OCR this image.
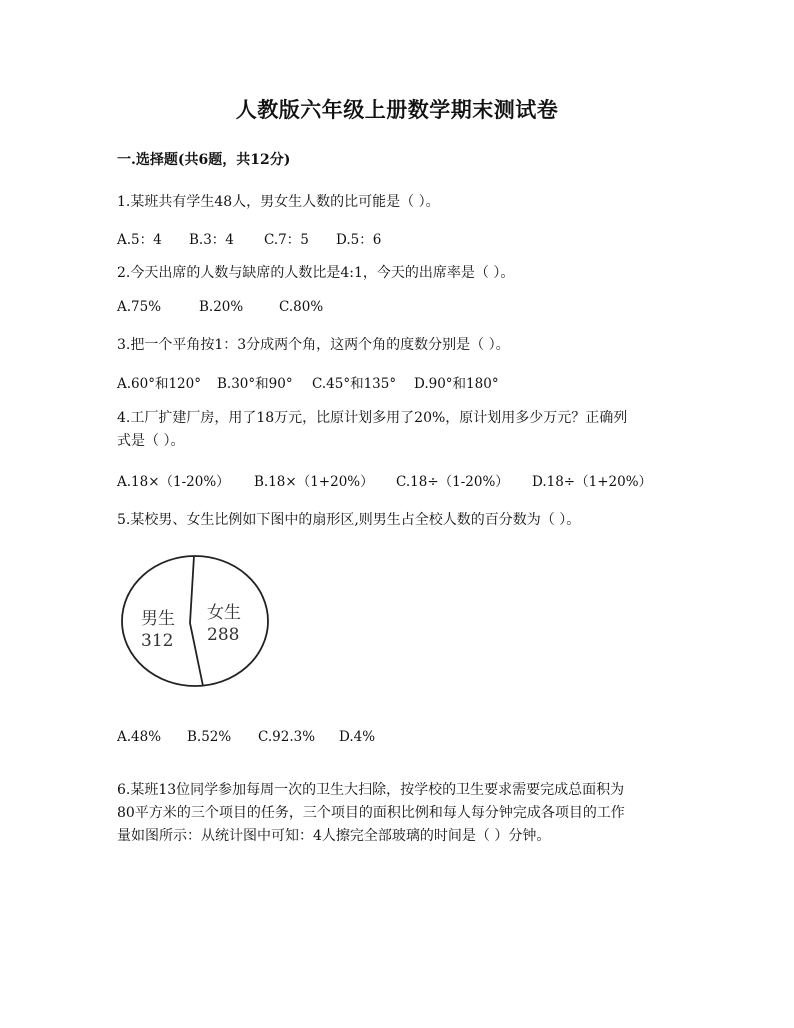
人教版六年级上册数学期末测试卷
一.选择题(共6题，共12分)
1.某班共有学生48人，男女生人数的比可能是（ ）。
A.5：4 B.3：4 C.7：5 D.5：6
2.今天出席的人数与缺席的人数比是4:1，今天的出席率是（ ）。
A.75%	B.20%	C.80%
3.把一个平角按1：3分成两个角，这两个角的度数分别是（ ）。
A.60°和120° B.30°和90° C.45°和135° D.90°和180°
4.工厂扩建厂房，用了18万元，比原计划多用了20%，原计划用多少万元？正确列
式是（ ）。
A.18×（1-20%） B.18×（1+20%） C.18÷（1-20%） D.18÷（1+20%）
5.某校男、女生比例如下图中的扇形区,则男生占全校人数的百分数为（ ）。
男生
312
女生
288
A.48% B.52% C.92.3% D.4%
6.某班13位同学参加每周一次的卫生大扫除，按学校的卫生要求需要完成总面积为
80平方米的三个项目的任务，三个项目的面积比例和每人每分钟完成各项目的工作
量如图所示：从统计图中可知：4人擦完全部玻璃的时间是（ ）分钟。
